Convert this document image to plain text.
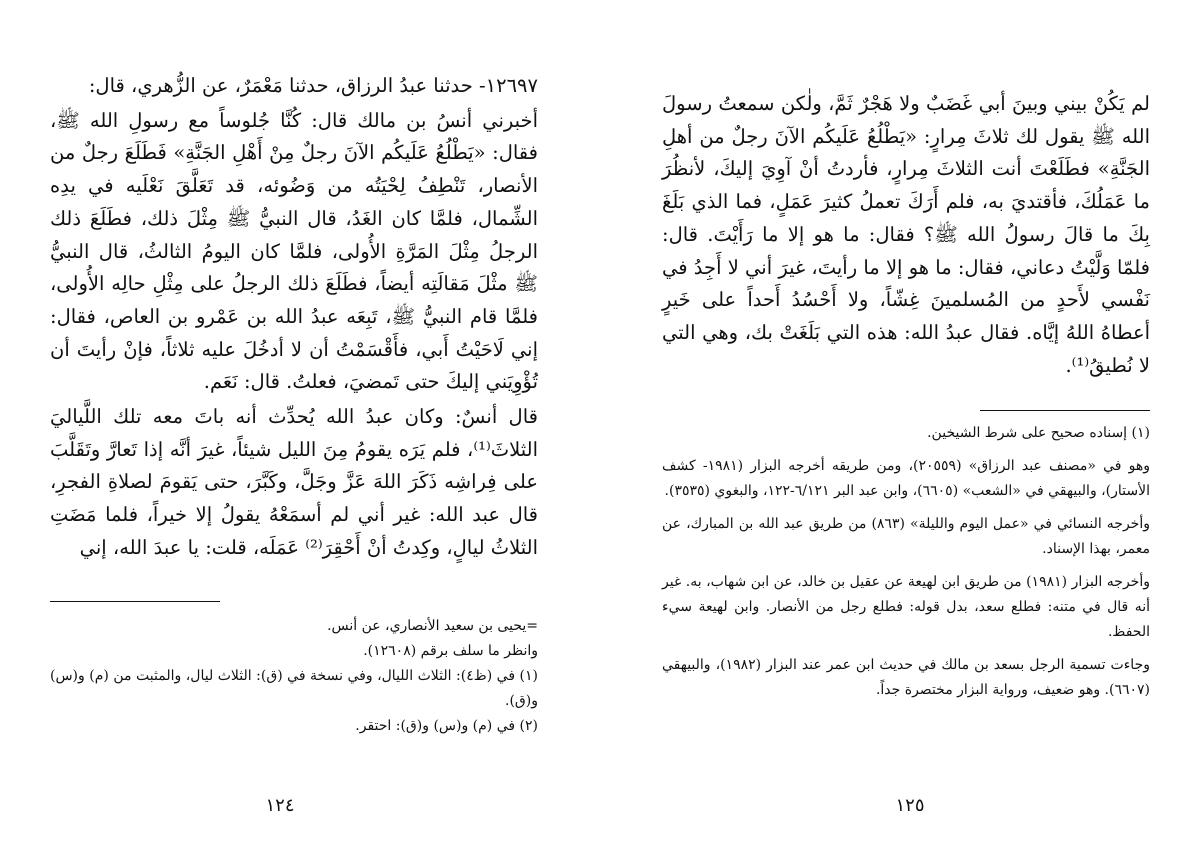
١٢٦٩٧- حدثنا عبدُ الرزاق، حدثنا مَعْمَرٌ، عن الزُّهري، قال:

أخبرني أنسُ بن مالك قال: كُنَّا جُلوساً مع رسولِ الله ﷺ، فقال: «يَطْلُعُ عَلَيكُم الآنَ رجلٌ مِنْ أَهْلِ الجَنَّةِ» فَطَلَعَ رجلٌ من الأنصار، تَنْطِفُ لِحْيَتُه من وَضُوئه، قد تَعَلَّقَ نَعْلَيه في يدِه الشِّمال، فلمَّا كان الغَدُ، قال النبيُّ ﷺ مِثْلَ ذلك، فطَلَعَ ذلك الرجلُ مِثْلَ المَرَّةِ الأُولى، فلمَّا كان اليومُ الثالثُ، قال النبيُّ ﷺ مثْلَ مَقالَتِه أيضاً، فطَلَعَ ذلك الرجلُ على مِثْلِ حالِه الأُولى، فلمَّا قام النبيُّ ﷺ، تَبِعَه عبدُ الله بن عَمْرو بن العاص، فقال: إني لَاحَيْتُ أَبي، فأَقْسَمْتُ أن لا أدخُلَ عليه ثلاثاً، فإنْ رأيتَ أن تُؤْوِيَني إليكَ حتى تَمضيَ، فعلتُ. قال: نَعَم.

قال أنسٌ: وكان عبدُ الله يُحدِّث أنه باتَ معه تلك اللَّياليَ الثلاثَ⁽¹⁾، فلم يَرَه يقومُ مِنَ الليل شيئاً، غيرَ أنَّه إذا تَعارَّ وتَقَلَّبَ على فِراشِه ذَكَرَ اللهَ عَزَّ وجَلَّ، وكَبَّرَ، حتى يَقومَ لصلاةِ الفجرِ، قال عبد الله: غير أني لم أسمَعْهُ يقولُ إلا خيراً، فلما مَضَتِ الثلاثُ ليالٍ، وكِدتُ أنْ أَحْقِرَ⁽²⁾ عَمَلَه، قلت: يا عبدَ الله، إني

=يحيى بن سعيد الأنصاري، عن أنس.

وانظر ما سلف برقم (١٢٦٠٨).

(١) في (ظ٤): الثلاث الليال، وفي نسخة في (ق): الثلاث ليال، والمثبت من (م) و(س) و(ق).

(٢) في (م) و(س) و(ق): احتقر.

١٢٤

لم يَكُنْ بيني وبينَ أبي غَضَبٌ ولا هَجْرٌ ثَمَّ، ولٰكن سمعتُ رسولَ الله ﷺ يقول لك ثلاثَ مِرارٍ: «يَطْلُعُ عَلَيكُم الآنَ رجلٌ من أهلِ الجَنَّةِ» فطَلَعْتَ أنت الثلاثَ مِرارٍ، فأردتُ أنْ آوِيَ إليكَ، لأنظُرَ ما عَمَلُكَ، فأقتديَ به، فلم أَرَكَ تعملُ كثيرَ عَمَلٍ، فما الذي بَلَغَ بِكَ ما قالَ رسولُ الله ﷺ؟ فقال: ما هو إلا ما رَأَيْتَ. قال: فلمّا وَلَّيْتُ دعاني، فقال: ما هو إلا ما رأيتَ، غيرَ أني لا أَجِدُ في نَفْسي لأَحدٍ من المُسلمينَ غِشّاً، ولا أَحْسُدُ أَحداً على خَيرٍ أعطاهُ اللهُ إيَّاه. فقال عبدُ الله: هذه التي بَلَغَتْ بك، وهي التي لا نُطيقُ⁽¹⁾.

(١) إسناده صحيح على شرط الشيخين.

وهو في «مصنف عبد الرزاق» (٢٠٥٥٩)، ومن طريقه أخرجه البزار (١٩٨١- كشف الأستار)، والبيهقي في «الشعب» (٦٦٠٥)، وابن عبد البر ٦/١٢١-١٢٢، والبغوي (٣٥٣٥).

وأخرجه النسائي في «عمل اليوم والليلة» (٨٦٣) من طريق عبد الله بن المبارك، عن معمر، بهذا الإسناد.

وأخرجه البزار (١٩٨١) من طريق ابن لهيعة عن عقيل بن خالد، عن ابن شهاب، به. غير أنه قال في متنه: فطلع سعد، بدل قوله: فطلع رجل من الأنصار. وابن لهيعة سيء الحفظ.

وجاءت تسمية الرجل بسعد بن مالك في حديث ابن عمر عند البزار (١٩٨٢)، والبيهقي (٦٦٠٧). وهو ضعيف، ورواية البزار مختصرة جداً.

١٢٥
